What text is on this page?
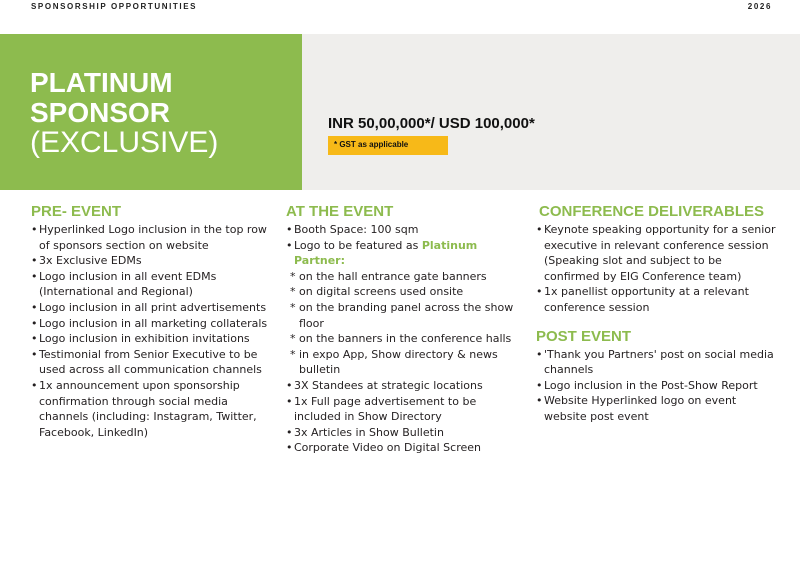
SPONSORSHIP OPPORTUNITIES	2026
PLATINUM
SPONSOR
(EXCLUSIVE)
INR 50,00,000*/ USD 100,000*
* GST as applicable
PRE- EVENT
• Hyperlinked Logo inclusion in the top row of sponsors section on website
• 3x Exclusive EDMs
• Logo inclusion in all event EDMs (International and Regional)
• Logo inclusion in all print advertisements
• Logo inclusion in all marketing collaterals
• Logo inclusion in exhibition invitations
• Testimonial from Senior Executive to be used across all communication channels
• 1x announcement upon sponsorship confirmation through social media channels (including: Instagram, Twitter, Facebook, LinkedIn)
AT THE EVENT
• Booth Space: 100 sqm
• Logo to be featured as Platinum Partner:
* on the hall entrance gate banners
* on digital screens used onsite
* on the branding panel across the show floor
* on the banners in the conference halls
* in expo App, Show directory & news bulletin
• 3X Standees at strategic locations
• 1x Full page advertisement to be included in Show Directory
• 3x Articles in Show Bulletin
• Corporate Video on Digital Screen
CONFERENCE DELIVERABLES
• Keynote speaking opportunity for a senior executive in relevant conference session (Speaking slot and subject to be confirmed by EIG Conference team)
• 1x panellist opportunity at a relevant conference session
POST EVENT
• 'Thank you Partners' post on social media channels
• Logo inclusion in the Post-Show Report
• Website Hyperlinked logo on event website post event
